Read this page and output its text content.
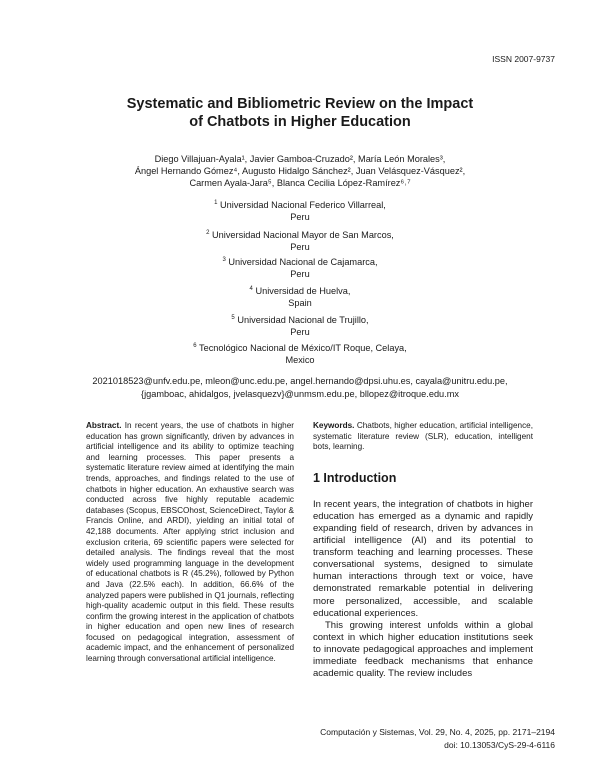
ISSN 2007-9737
Systematic and Bibliometric Review on the Impact
of Chatbots in Higher Education
Diego Villajuan-Ayala¹, Javier Gamboa-Cruzado², María León Morales³,
Ángel Hernando Gómez⁴, Augusto Hidalgo Sánchez², Juan Velásquez-Vásquez²,
Carmen Ayala-Jara⁵, Blanca Cecilia López-Ramírez⁶˒⁷
$^1$ Universidad Nacional Federico Villarreal,
Peru
$^2$ Universidad Nacional Mayor de San Marcos,
Peru
$^3$ Universidad Nacional de Cajamarca,
Peru
$^4$ Universidad de Huelva,
Spain
$^5$ Universidad Nacional de Trujillo,
Peru
$^6$ Tecnológico Nacional de México/IT Roque, Celaya,
Mexico
2021018523@unfv.edu.pe, mleon@unc.edu.pe, angel.hernando@dpsi.uhu.es, cayala@unitru.edu.pe,
{jgamboac, ahidalgos, jvelasquezv}@unmsm.edu.pe, bllopez@itroque.edu.mx
Abstract. In recent years, the use of chatbots in higher education has grown significantly, driven by advances in artificial intelligence and its ability to optimize teaching and learning processes. This paper presents a systematic literature review aimed at identifying the main trends, approaches, and findings related to the use of chatbots in higher education. An exhaustive search was conducted across five highly reputable academic databases (Scopus, EBSCOhost, ScienceDirect, Taylor & Francis Online, and ARDI), yielding an initial total of 42,188 documents. After applying strict inclusion and exclusion criteria, 69 scientific papers were selected for detailed analysis. The findings reveal that the most widely used programming language in the development of educational chatbots is R (45.2%), followed by Python and Java (22.5% each). In addition, 66.6% of the analyzed papers were published in Q1 journals, reflecting high-quality academic output in this field. These results confirm the growing interest in the application of chatbots in higher education and open new lines of research focused on pedagogical integration, assessment of academic impact, and the enhancement of personalized learning through conversational artificial intelligence.
Keywords. Chatbots, higher education, artificial intelligence, systematic literature review (SLR), education, intelligent bots, learning.
1 Introduction

In recent years, the integration of chatbots in higher education has emerged as a dynamic and rapidly expanding field of research, driven by advances in artificial intelligence (AI) and its potential to transform teaching and learning processes. These conversational systems, designed to simulate human interactions through text or voice, have demonstrated remarkable potential in delivering more personalized, accessible, and scalable educational experiences.

This growing interest unfolds within a global context in which higher education institutions seek to innovate pedagogical approaches and implement immediate feedback mechanisms that enhance academic quality. The review includes

Computación y Sistemas, Vol. 29, No. 4, 2025, pp. 2171–2194
doi: 10.13053/CyS-29-4-6116
